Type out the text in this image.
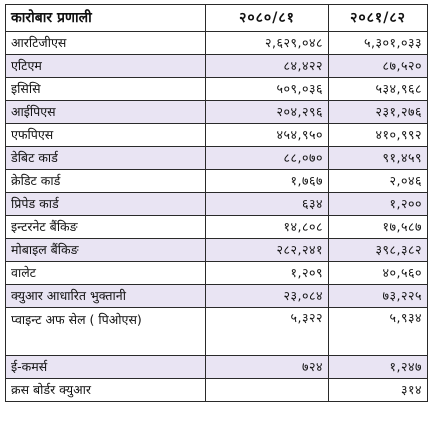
कारोबार प्रणाली	२०८०/८१	२०८१/८२
आरटिजीएस	२,६२९,०४८	५,३०१,०३३
एटिएम	८४,४२२	८७,५२०
इसिसि	५०९,०३६	५३४,९६८
आईपिएस	२०४,२९६	२३१,२७६
एफपिएस	४५४,९५०	४१०,९९२
डेबिट कार्ड	८८,०७०	९१,४५९
क्रेडिट कार्ड	१,७६७	२,०४६
प्रिपेड कार्ड	६३४	१,२००
इन्टरनेट बैंकिङ	१४,८०८	१७,५८७
मोबाइल बैंकिङ	२८२,२४१	३९८,३८२
वालेट	१,२०९	४०,५६०
क्युआर आधारित भुक्तानी	२३,०८४	७३,२२५
प्वाइन्ट अफ सेल ( पिओएस)	५,३२२	५,९३४
ई-कमर्स	७२४	१,२४७
क्रस बोर्डर क्युआर		३१४
